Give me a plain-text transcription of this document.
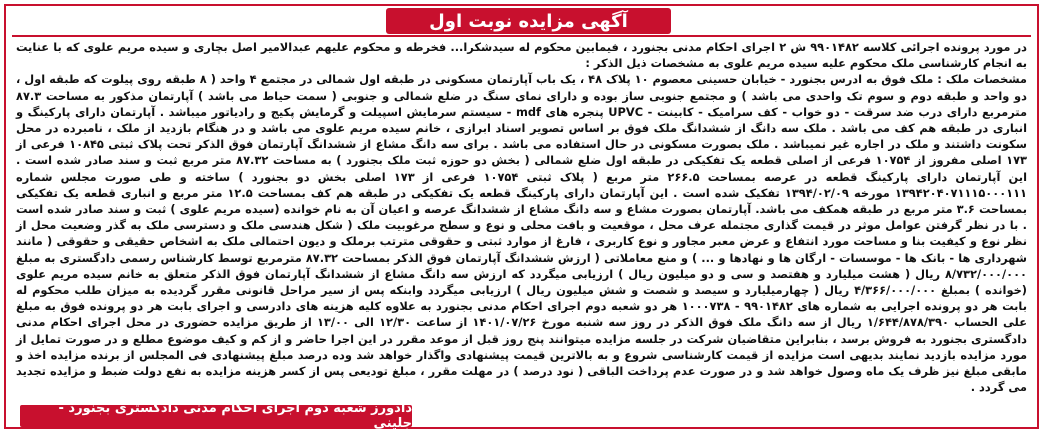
آگهی مزایده نوبت اول

در مورد پرونده اجرائی کلاسه ۹۹۰۱۴۸۲ ش ۲ اجرای احکام مدنی بجنورد ، فیمابین محکوم له سیدشکرا... فخرطه و محکوم علیهم عبدالامیر اصل بچاری و سیده مریم علوی که با عنایت به انجام کارشناسی ملک محکوم علیه سیده مریم علوی به مشخصات ذیل الذکر :

مشخصات ملک : ملک فوق به ادرس بجنورد - خیابان حسینی معصوم ۱۰ پلاک ۴۸ ، یک باب آپارتمان مسکونی در طبقه اول شمالی در مجتمع ۴ واحد ( ۸ طبقه روی پیلوت که طبقه اول ، دو واحد و طبقه دوم و سوم تک واحدی می باشد ) و مجتمع جنوبی ساز بوده و دارای نمای سنگ در ضلع شمالی و جنوبی ( سمت حیاط می باشد ) آپارتمان مذکور به مساحت ۸۷.۳ مترمربع دارای درب ضد سرقت - دو خواب - کف سرامیک - کابینت - UPVC پنجره های mdf - سیستم سرمایش اسپیلت و گرمایش پکیج و رادیاتور میباشد . آپارتمان دارای پارکینگ و انباری در طبقه هم کف می باشد . ملک سه دانگ از ششدانگ ملک فوق بر اساس تصویر اسناد ابرازی ، خانم سیده مریم علوی می باشد و در هنگام بازدید از ملک ، نامبرده در محل سکونت داشتند و ملک در اجاره غیر نمیباشد . ملک بصورت مسکونی در حال استفاده می باشد . برای سه دانگ مشاع از ششدانگ آپارتمان فوق الذکر تحت پلاک ثبتی ۱۰۸۴۵ فرعی از ۱۷۳ اصلی مفروز از ۱۰۷۵۴ فرعی از اصلی قطعه یک تفکیکی در طبقه اول ضلع شمالی ( بخش دو حوزه ثبت ملک بجنورد ) به مساحت ۸۷.۳۲ متر مربع ثبت و سند صادر شده است . این آپارتمان دارای پارکینگ قطعه در عرصه بمساحت ۲۶۶.۵ متر مربع ( پلاک ثبتی ۱۰۷۵۴ فرعی از ۱۷۳ اصلی بخش دو بجنورد ) ساخته و طی صورت مجلس شماره ۱۳۹۴۲۰۴۰۷۱۱۱۵۰۰۰۱۱۱ مورخه ۱۳۹۴/۰۲/۰۹ تفکیک شده است . این آپارتمان دارای پارکینگ قطعه یک تفکیکی در طبقه هم کف بمساحت ۱۲.۵ متر مربع و انباری قطعه یک تفکیکی بمساحت ۳.۶ متر مربع در طبقه همکف می باشد. آپارتمان بصورت مشاع و سه دانگ مشاع از ششدانگ عرصه و اعیان آن به نام خوانده (سیده مریم علوی ) ثبت و سند صادر شده است . با در نظر گرفتن عوامل موثر در قیمت گذاری مجتمله عرف محل ، موقعیت و بافت محلی و نوع و سطح مرغوبیت ملک ( شکل هندسی ملک و دسترسی ملک به گذر وضعیت محل از نظر نوع و کیفیت بنا و مساحت مورد انتفاع و عرض معبر مجاور و نوع کاربری ، فارغ از موارد ثبتی و حقوقی مترتب برملک و دیون احتمالی ملک به اشخاص حقیقی و حقوقی ( مانند شهرداری ها - بانک ها - موسسات - ارگان ها و نهادها و ... ) و منع معاملاتی ( ارزش ششدانگ آپارتمان فوق الذکر بمساحت ۸۷.۳۲ مترمربع توسط کارشناس رسمی دادگستری به مبلغ ۸/۷۳۲/۰۰۰/۰۰۰ ریال ( هشت میلیارد و هفتصد و سی و دو میلیون ریال ) ارزیابی میگردد که ارزش سه دانگ مشاع از ششدانگ آپارتمان فوق الذکر متعلق به خانم سیده مریم علوی (خوانده ) بمبلغ ۴/۳۶۶/۰۰۰/۰۰۰ ریال ( چهارمیلیارد و سیصد و شصت و شش میلیون ریال ) ارزیابی میگردد وابنکه پس از سیر مراحل قانونی مقرر گردیده به میزان طلب محکوم له بابت هر دو پرونده اجرایی به شماره های ۹۹۰۱۴۸۲ - ۱۰۰۰۷۳۸ هر دو شعبه دوم اجرای احکام مدنی بجنورد به علاوه کلیه هزینه های دادرسی و اجرای بابت هر دو پرونده فوق به مبلغ علی الحساب ۱/۶۴۴/۸۷۸/۳۹۰ ریال از سه دانگ ملک فوق الذکر در روز سه شنبه مورخ ۱۴۰۱/۰۷/۲۶ از ساعت ۱۲/۳۰ الی ۱۳/۰۰ از طریق مزایده حضوری در محل اجرای احکام مدنی دادگستری بجنورد به فروش برسد ، بنابراین متقاضیان شرکت در جلسه مزایده میتوانند پنج روز قبل از موعد مقرر در این اجرا حاضر و از کم و کیف موضوع مطلع و در صورت تمایل از مورد مزایده بازدید نمایند بدیهی است مزایده از قیمت کارشناسی شروع و به بالاترین قیمت پیشنهادی واگذار خواهد شد وده درصد مبلغ پیشنهادی فی المجلس از برنده مزایده اخذ و مابقی مبلغ نیز ظرف یک ماه وصول خواهد شد و در صورت عدم پرداخت الباقی ( نود درصد ) در مهلت مقرر ، مبلغ تودیعی پس از کسر هزینه مزایده به نفع دولت ضبط و مزایده تجدید می گردد .

دادورز شعبه دوم اجرای احکام مدنی دادگستری بجنورد - جلینی
